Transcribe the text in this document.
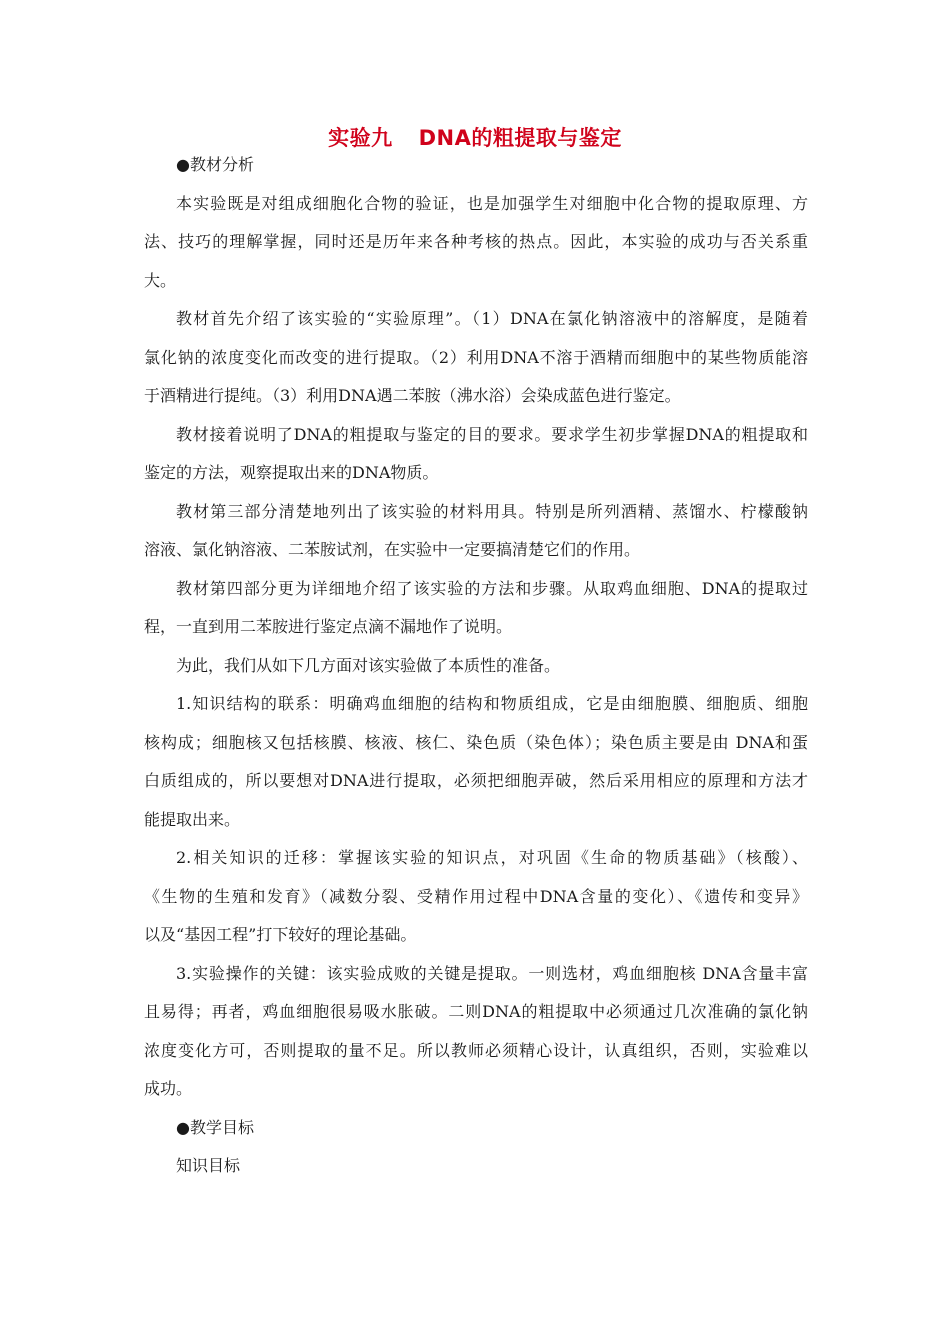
实验九 DNA的粗提取与鉴定
●教材分析
本实验既是对组成细胞化合物的验证，也是加强学生对细胞中化合物的提取原理、方
法、技巧的理解掌握，同时还是历年来各种考核的热点。因此，本实验的成功与否关系重
大。
教材首先介绍了该实验的“实验原理”。（1）DNA在氯化钠溶液中的溶解度，是随着
氯化钠的浓度变化而改变的进行提取。（2）利用DNA不溶于酒精而细胞中的某些物质能溶
于酒精进行提纯。（3）利用DNA遇二苯胺（沸水浴）会染成蓝色进行鉴定。
教材接着说明了DNA的粗提取与鉴定的目的要求。要求学生初步掌握DNA的粗提取和
鉴定的方法，观察提取出来的DNA物质。
教材第三部分清楚地列出了该实验的材料用具。特别是所列酒精、蒸馏水、柠檬酸钠
溶液、氯化钠溶液、二苯胺试剂，在实验中一定要搞清楚它们的作用。
教材第四部分更为详细地介绍了该实验的方法和步骤。从取鸡血细胞、DNA的提取过
程，一直到用二苯胺进行鉴定点滴不漏地作了说明。
为此，我们从如下几方面对该实验做了本质性的准备。
1.知识结构的联系：明确鸡血细胞的结构和物质组成，它是由细胞膜、细胞质、细胞
核构成；细胞核又包括核膜、核液、核仁、染色质（染色体）；染色质主要是由 DNA和蛋
白质组成的，所以要想对DNA进行提取，必须把细胞弄破，然后采用相应的原理和方法才
能提取出来。
2.相关知识的迁移：掌握该实验的知识点，对巩固《生命的物质基础》（核酸）、
《生物的生殖和发育》（减数分裂、受精作用过程中DNA含量的变化）、《遗传和变异》
以及“基因工程”打下较好的理论基础。
3.实验操作的关键：该实验成败的关键是提取。一则选材，鸡血细胞核 DNA含量丰富
且易得；再者，鸡血细胞很易吸水胀破。二则DNA的粗提取中必须通过几次准确的氯化钠
浓度变化方可，否则提取的量不足。所以教师必须精心设计，认真组织，否则，实验难以
成功。
●教学目标
知识目标
